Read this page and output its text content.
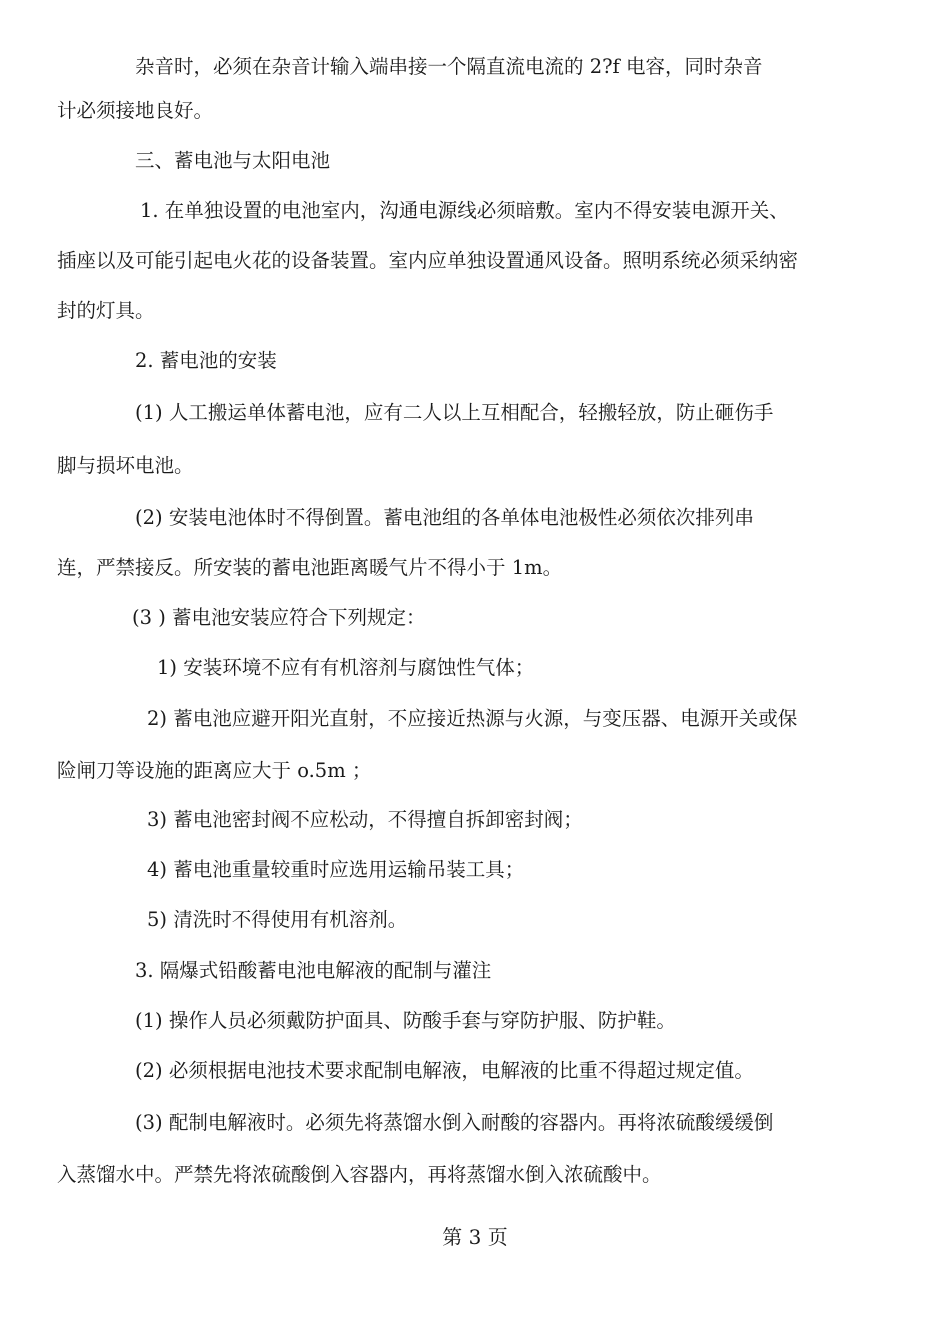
杂音时，必须在杂音计输入端串接一个隔直流电流的 2?f 电容，同时杂音
计必须接地良好。
三、蓄电池与太阳电池
1. 在单独设置的电池室内，沟通电源线必须暗敷。室内不得安装电源开关、
插座以及可能引起电火花的设备装置。室内应单独设置通风设备。照明系统必须采纳密
封的灯具。
2. 蓄电池的安装
(1) 人工搬运单体蓄电池，应有二人以上互相配合，轻搬轻放，防止砸伤手
脚与损坏电池。
(2) 安装电池体时不得倒置。蓄电池组的各单体电池极性必须依次排列串
连，严禁接反。所安装的蓄电池距离暖气片不得小于 1m。
(3 ) 蓄电池安装应符合下列规定：
1) 安装环境不应有有机溶剂与腐蚀性气体；
2) 蓄电池应避开阳光直射，不应接近热源与火源，与变压器、电源开关或保
险闸刀等设施的距离应大于 o.5m ；
3) 蓄电池密封阀不应松动，不得擅自拆卸密封阀；
4) 蓄电池重量较重时应选用运输吊装工具；
5) 清洗时不得使用有机溶剂。
3. 隔爆式铅酸蓄电池电解液的配制与灌注
(1) 操作人员必须戴防护面具、防酸手套与穿防护服、防护鞋。
(2) 必须根据电池技术要求配制电解液，电解液的比重不得超过规定值。
(3) 配制电解液时。必须先将蒸馏水倒入耐酸的容器内。再将浓硫酸缓缓倒
入蒸馏水中。严禁先将浓硫酸倒入容器内，再将蒸馏水倒入浓硫酸中。
第 3 页
